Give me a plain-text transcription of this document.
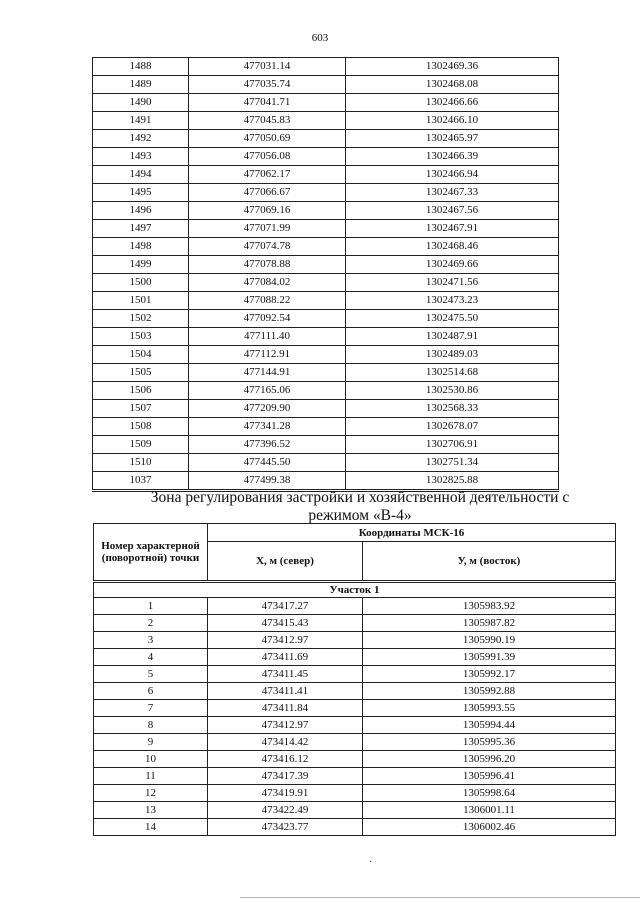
603
1488	477031.14	1302469.36
1489	477035.74	1302468.08
1490	477041.71	1302466.66
1491	477045.83	1302466.10
1492	477050.69	1302465.97
1493	477056.08	1302466.39
1494	477062.17	1302466.94
1495	477066.67	1302467.33
1496	477069.16	1302467.56
1497	477071.99	1302467.91
1498	477074.78	1302468.46
1499	477078.88	1302469.66
1500	477084.02	1302471.56
1501	477088.22	1302473.23
1502	477092.54	1302475.50
1503	477111.40	1302487.91
1504	477112.91	1302489.03
1505	477144.91	1302514.68
1506	477165.06	1302530.86
1507	477209.90	1302568.33
1508	477341.28	1302678.07
1509	477396.52	1302706.91
1510	477445.50	1302751.34
1037	477499.38	1302825.88
Зона регулирования застройки и хозяйственной деятельности с
режимом «В-4»
Номер характерной (поворотной) точки	Координаты МСК-16	
	Х, м (север)	У, м (восток)
Участок 1		
1	473417.27	1305983.92
2	473415.43	1305987.82
3	473412.97	1305990.19
4	473411.69	1305991.39
5	473411.45	1305992.17
6	473411.41	1305992.88
7	473411.84	1305993.55
8	473412.97	1305994.44
9	473414.42	1305995.36
10	473416.12	1305996.20
11	473417.39	1305996.41
12	473419.91	1305998.64
13	473422.49	1306001.11
14	473423.77	1306002.46
·
